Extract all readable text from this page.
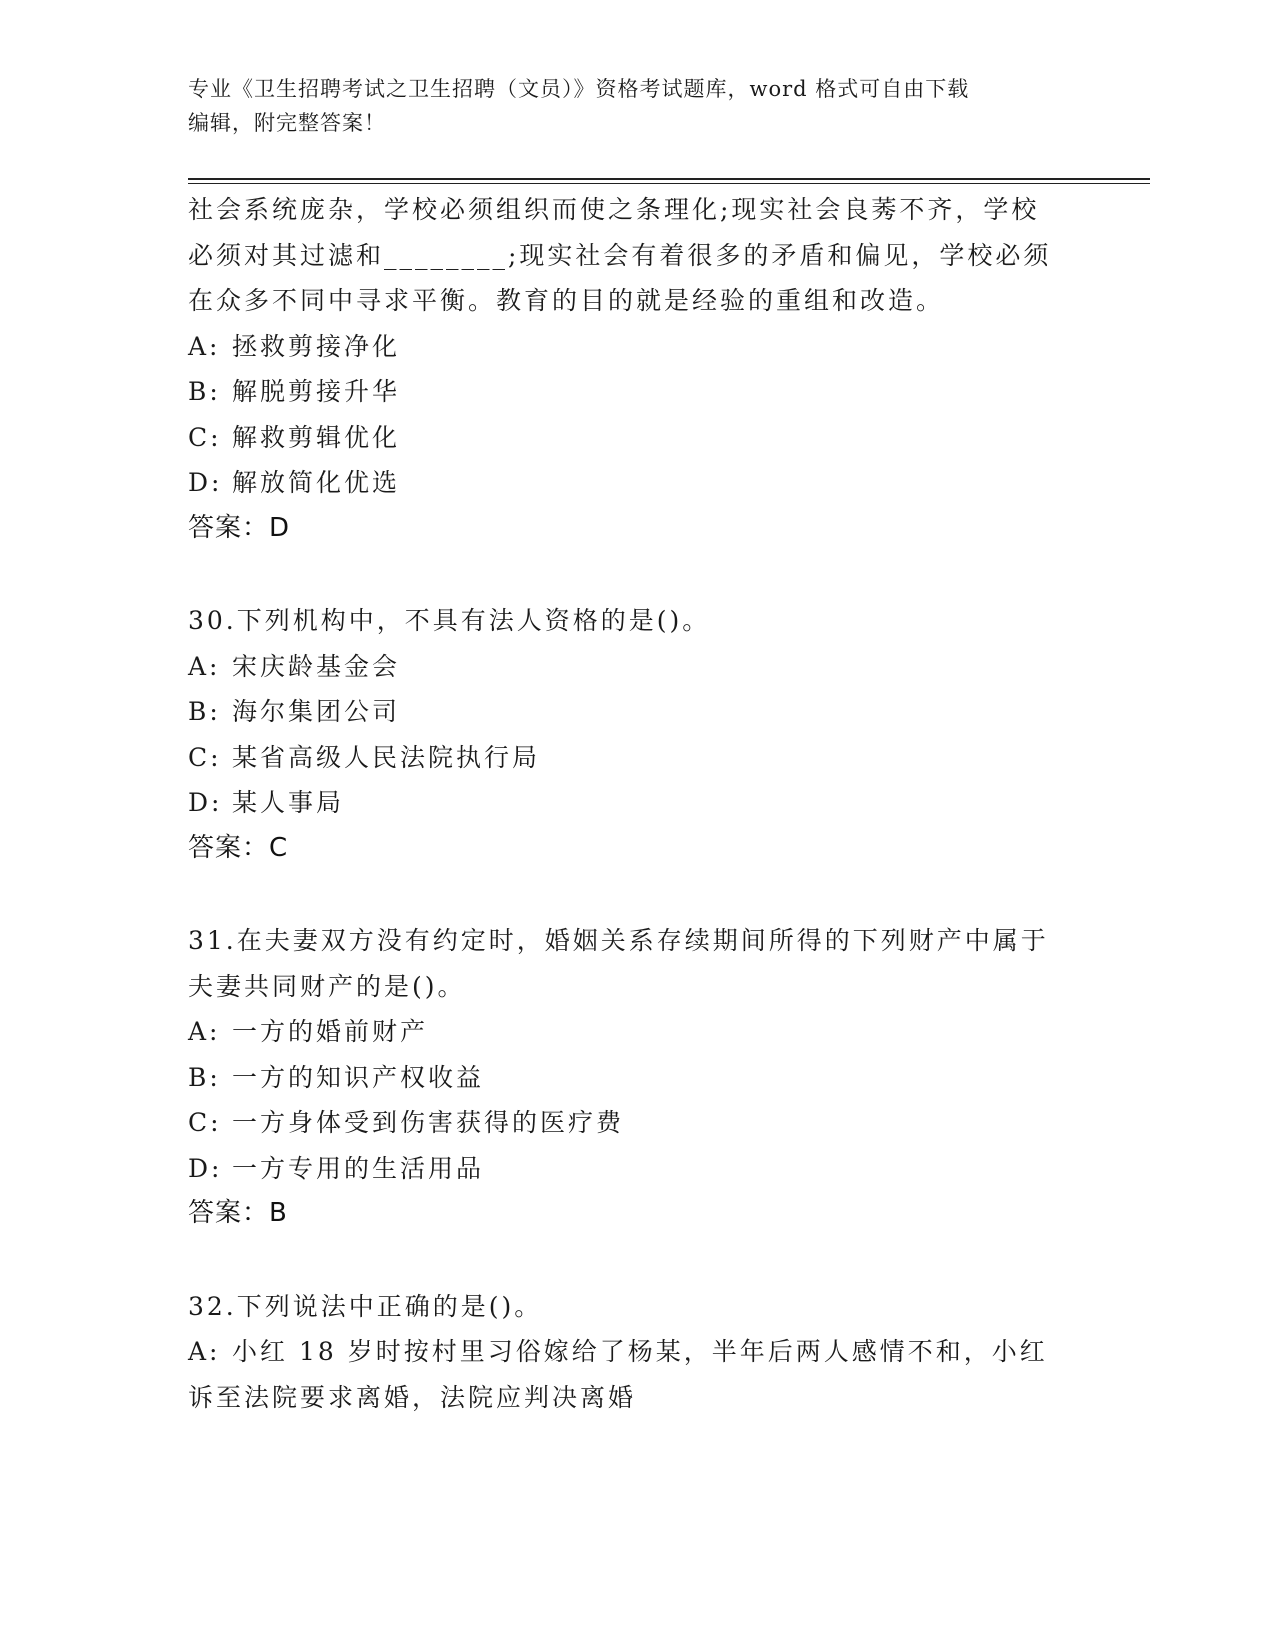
专业《卫生招聘考试之卫生招聘（文员）》资格考试题库，word 格式可自由下载
编辑，附完整答案！
社会系统庞杂，学校必须组织而使之条理化;现实社会良莠不齐，学校
必须对其过滤和________;现实社会有着很多的矛盾和偏见，学校必须
在众多不同中寻求平衡。教育的目的就是经验的重组和改造。
A: 拯救剪接净化
B: 解脱剪接升华
C: 解救剪辑优化
D: 解放简化优选
答案：D
30.下列机构中，不具有法人资格的是()。
A: 宋庆龄基金会
B: 海尔集团公司
C: 某省高级人民法院执行局
D: 某人事局
答案：C
31.在夫妻双方没有约定时，婚姻关系存续期间所得的下列财产中属于
夫妻共同财产的是()。
A: 一方的婚前财产
B: 一方的知识产权收益
C: 一方身体受到伤害获得的医疗费
D: 一方专用的生活用品
答案：B
32.下列说法中正确的是()。
A: 小红 18 岁时按村里习俗嫁给了杨某，半年后两人感情不和，小红
诉至法院要求离婚，法院应判决离婚
